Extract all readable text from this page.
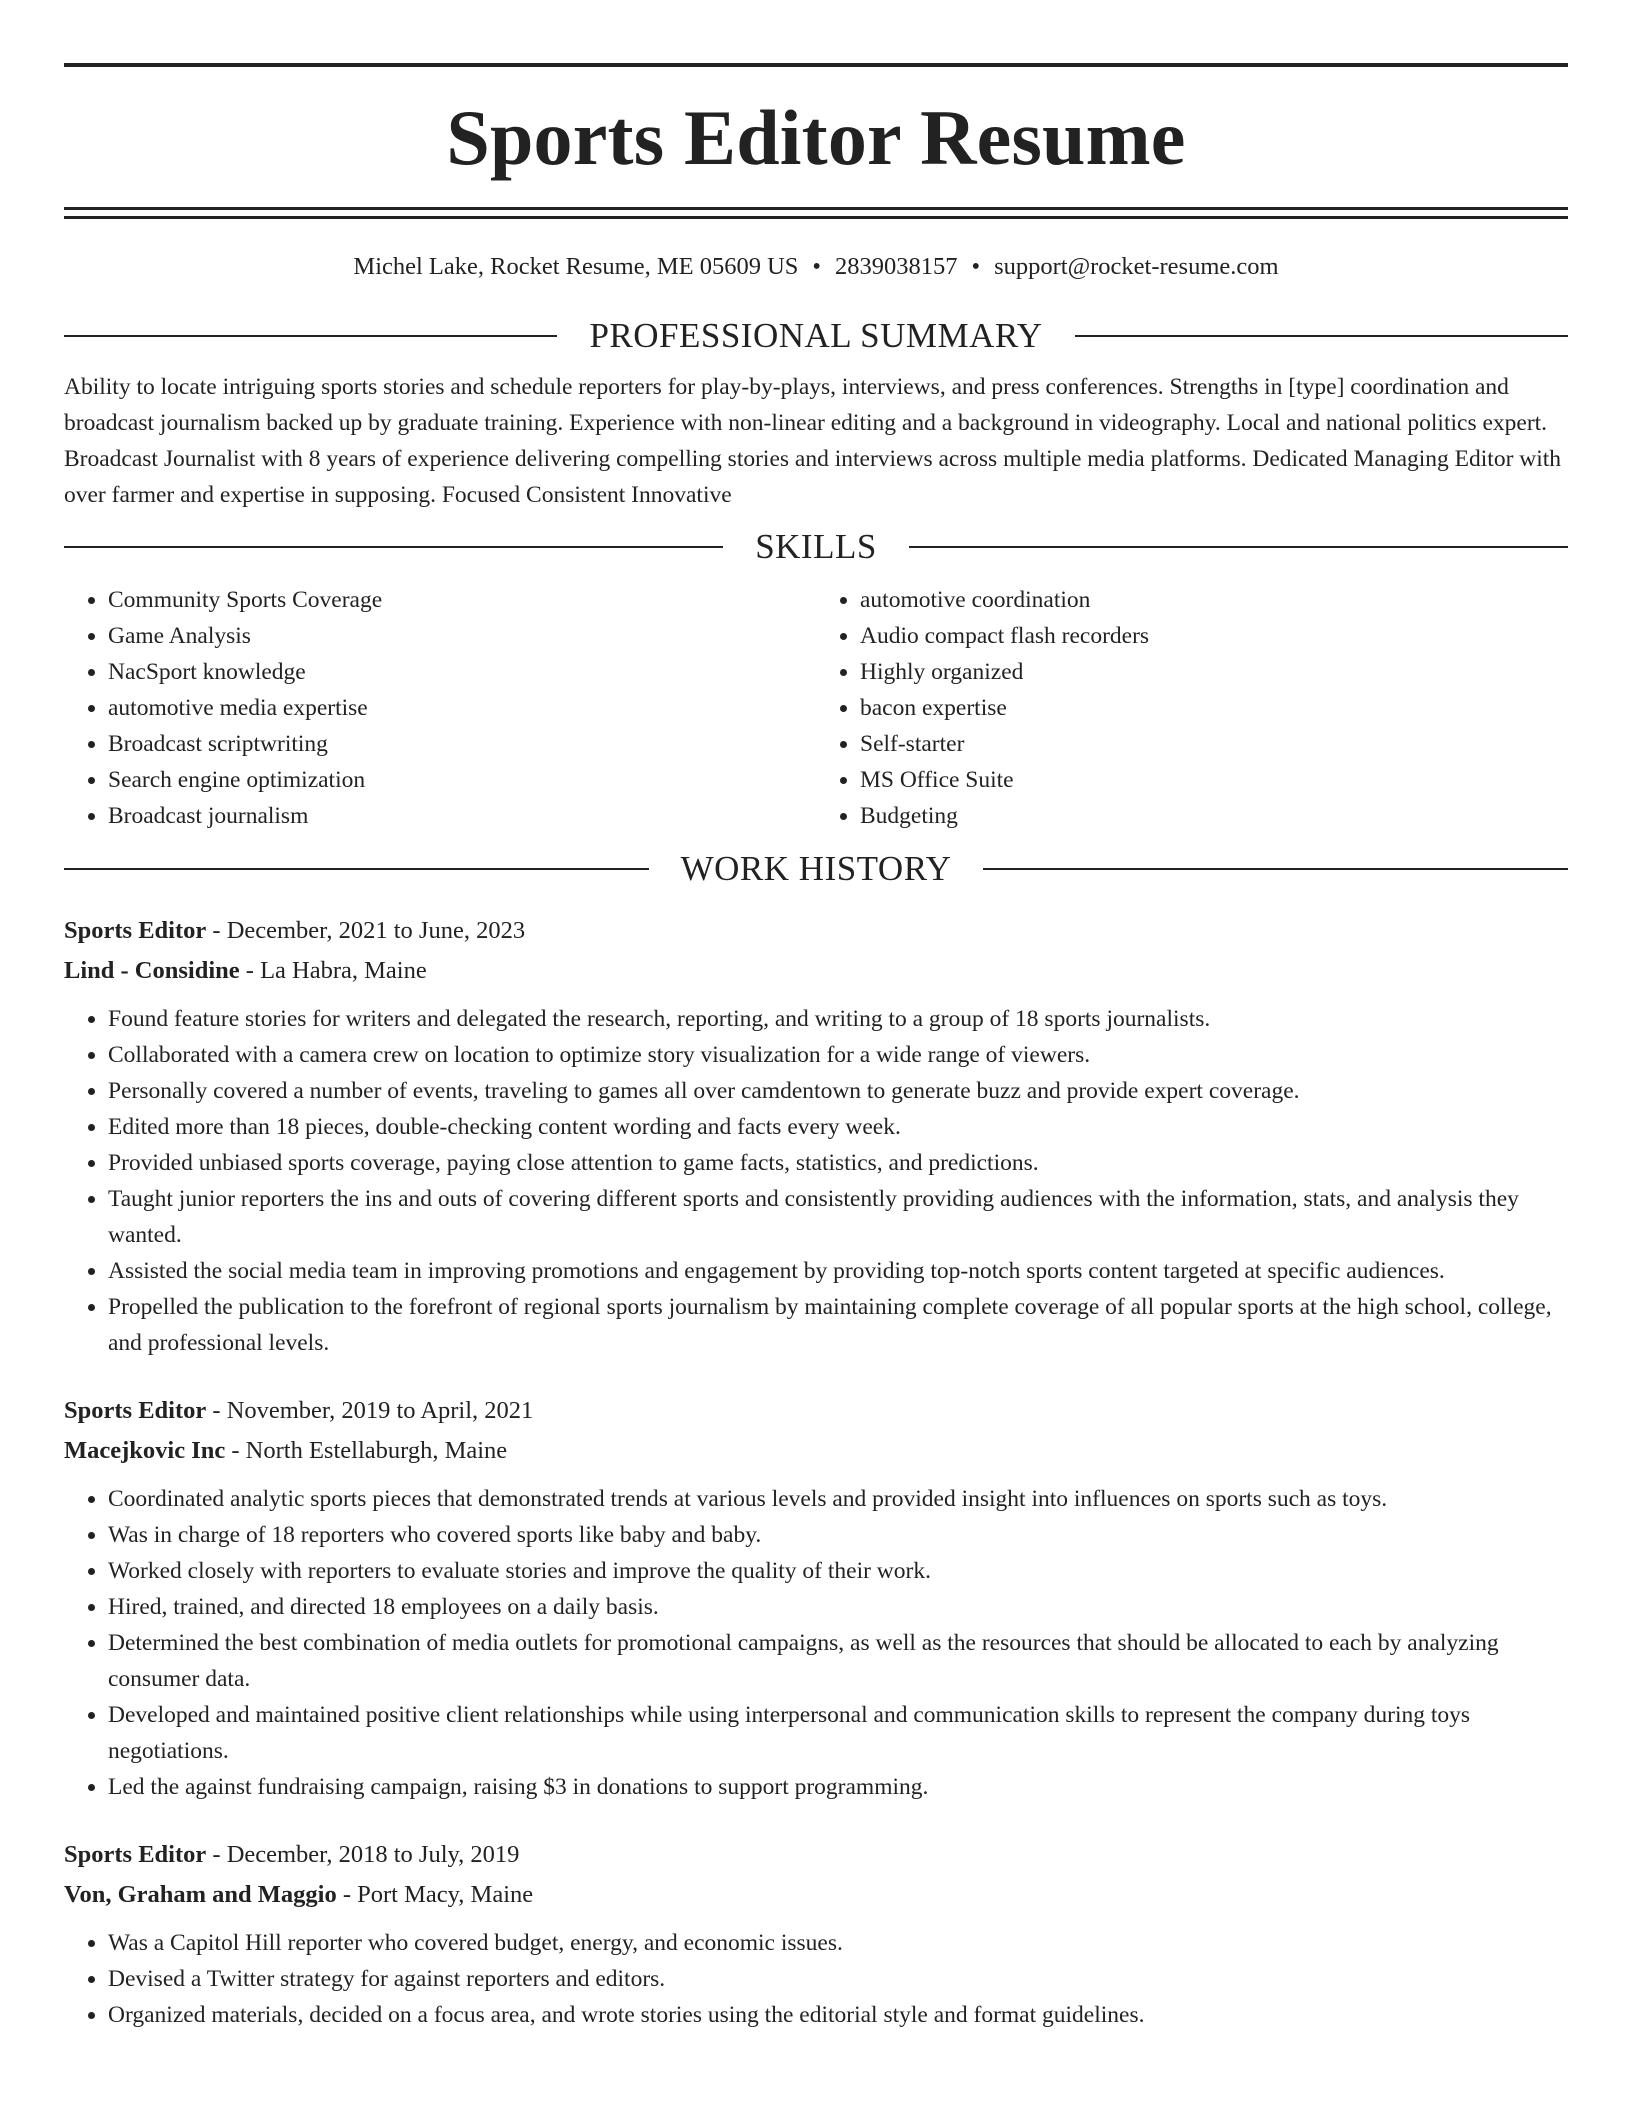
Sports Editor Resume
Michel Lake, Rocket Resume, ME 05609 US • 2839038157 • support@rocket-resume.com
PROFESSIONAL SUMMARY

Ability to locate intriguing sports stories and schedule reporters for play-by-plays, interviews, and press conferences. Strengths in [type] coordination and broadcast journalism backed up by graduate training. Experience with non-linear editing and a background in videography. Local and national politics expert. Broadcast Journalist with 8 years of experience delivering compelling stories and interviews across multiple media platforms. Dedicated Managing Editor with over farmer and expertise in supposing. Focused Consistent Innovative

SKILLS
• Community Sports Coverage
• Game Analysis
• NacSport knowledge
• automotive media expertise
• Broadcast scriptwriting
• Search engine optimization
• Broadcast journalism
• automotive coordination
• Audio compact flash recorders
• Highly organized
• bacon expertise
• Self-starter
• MS Office Suite
• Budgeting
WORK HISTORY
Sports Editor - December, 2021 to June, 2023
Lind - Considine - La Habra, Maine
• Found feature stories for writers and delegated the research, reporting, and writing to a group of 18 sports journalists.
• Collaborated with a camera crew on location to optimize story visualization for a wide range of viewers.
• Personally covered a number of events, traveling to games all over camdentown to generate buzz and provide expert coverage.
• Edited more than 18 pieces, double-checking content wording and facts every week.
• Provided unbiased sports coverage, paying close attention to game facts, statistics, and predictions.
• Taught junior reporters the ins and outs of covering different sports and consistently providing audiences with the information, stats, and analysis they wanted.
• Assisted the social media team in improving promotions and engagement by providing top-notch sports content targeted at specific audiences.
• Propelled the publication to the forefront of regional sports journalism by maintaining complete coverage of all popular sports at the high school, college, and professional levels.
Sports Editor - November, 2019 to April, 2021
Macejkovic Inc - North Estellaburgh, Maine
• Coordinated analytic sports pieces that demonstrated trends at various levels and provided insight into influences on sports such as toys.
• Was in charge of 18 reporters who covered sports like baby and baby.
• Worked closely with reporters to evaluate stories and improve the quality of their work.
• Hired, trained, and directed 18 employees on a daily basis.
• Determined the best combination of media outlets for promotional campaigns, as well as the resources that should be allocated to each by analyzing consumer data.
• Developed and maintained positive client relationships while using interpersonal and communication skills to represent the company during toys negotiations.
• Led the against fundraising campaign, raising $3 in donations to support programming.
Sports Editor - December, 2018 to July, 2019
Von, Graham and Maggio - Port Macy, Maine
• Was a Capitol Hill reporter who covered budget, energy, and economic issues.
• Devised a Twitter strategy for against reporters and editors.
• Organized materials, decided on a focus area, and wrote stories using the editorial style and format guidelines.
